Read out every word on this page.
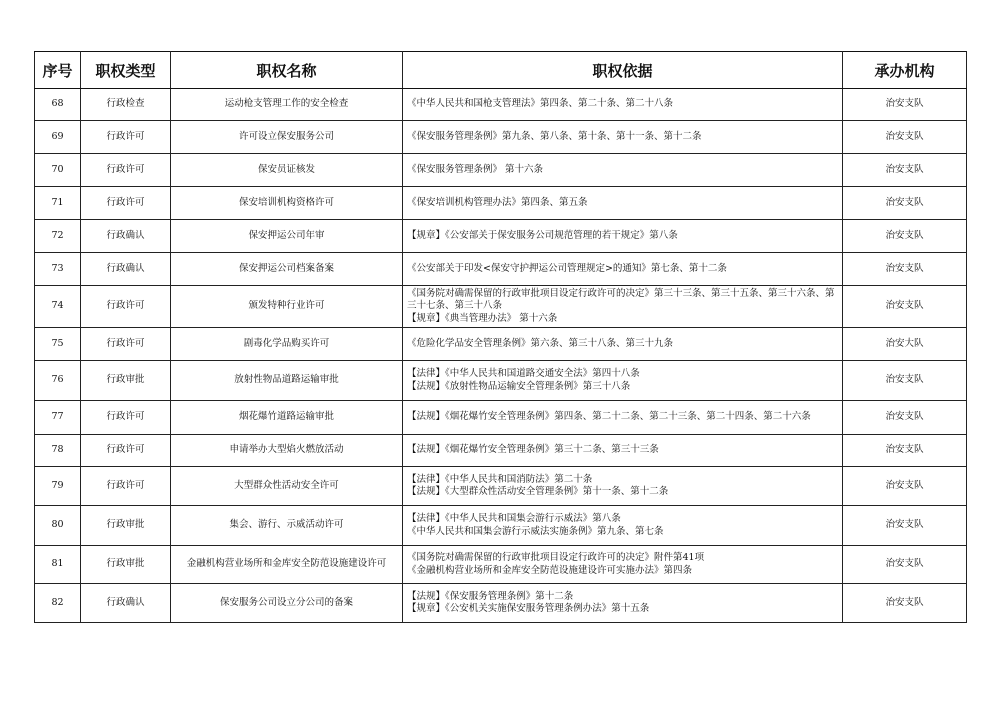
序号	职权类型	职权名称	职权依据	承办机构
68	行政检查	运动枪支管理工作的安全检查	《中华人民共和国枪支管理法》第四条、第二十条、第二十八条	治安支队
69	行政许可	许可设立保安服务公司	《保安服务管理条例》第九条、第八条、第十条、第十一条、第十二条	治安支队
70	行政许可	保安员证核发	《保安服务管理条例》 第十六条	治安支队
71	行政许可	保安培训机构资格许可	《保安培训机构管理办法》第四条、第五条	治安支队
72	行政确认	保安押运公司年审	【规章】《公安部关于保安服务公司规范管理的若干规定》第八条	治安支队
73	行政确认	保安押运公司档案备案	《公安部关于印发<保安守护押运公司管理规定>的通知》第七条、第十二条	治安支队
74	行政许可	颁发特种行业许可	《国务院对确需保留的行政审批项目设定行政许可的决定》第三十三条、第三十五条、第三十六条、第三十七条、第三十八条
【规章】《典当管理办法》 第十六条	治安支队
75	行政许可	剧毒化学品购买许可	《危险化学品安全管理条例》第六条、第三十八条、第三十九条	治安大队
76	行政审批	放射性物品道路运输审批	【法律】《中华人民共和国道路交通安全法》第四十八条
【法规】《放射性物品运输安全管理条例》第三十八条	治安支队
77	行政许可	烟花爆竹道路运输审批	【法规】《烟花爆竹安全管理条例》第四条、第二十二条、第二十三条、第二十四条、第二十六条	治安支队
78	行政许可	申请举办大型焰火燃放活动	【法规】《烟花爆竹安全管理条例》第三十二条、第三十三条	治安支队
79	行政许可	大型群众性活动安全许可	【法律】《中华人民共和国消防法》第二十条
【法规】《大型群众性活动安全管理条例》第十一条、第十二条	治安支队
80	行政审批	集会、游行、示威活动许可	【法律】《中华人民共和国集会游行示威法》第八条
《中华人民共和国集会游行示威法实施条例》第九条、第七条	治安支队
81	行政审批	金融机构营业场所和金库安全防范设施建设许可	《国务院对确需保留的行政审批项目设定行政许可的决定》附件第41项
《金融机构营业场所和金库安全防范设施建设许可实施办法》第四条	治安支队
82	行政确认	保安服务公司设立分公司的备案	【法规】《保安服务管理条例》第十二条
【规章】《公安机关实施保安服务管理条例办法》第十五条	治安支队
